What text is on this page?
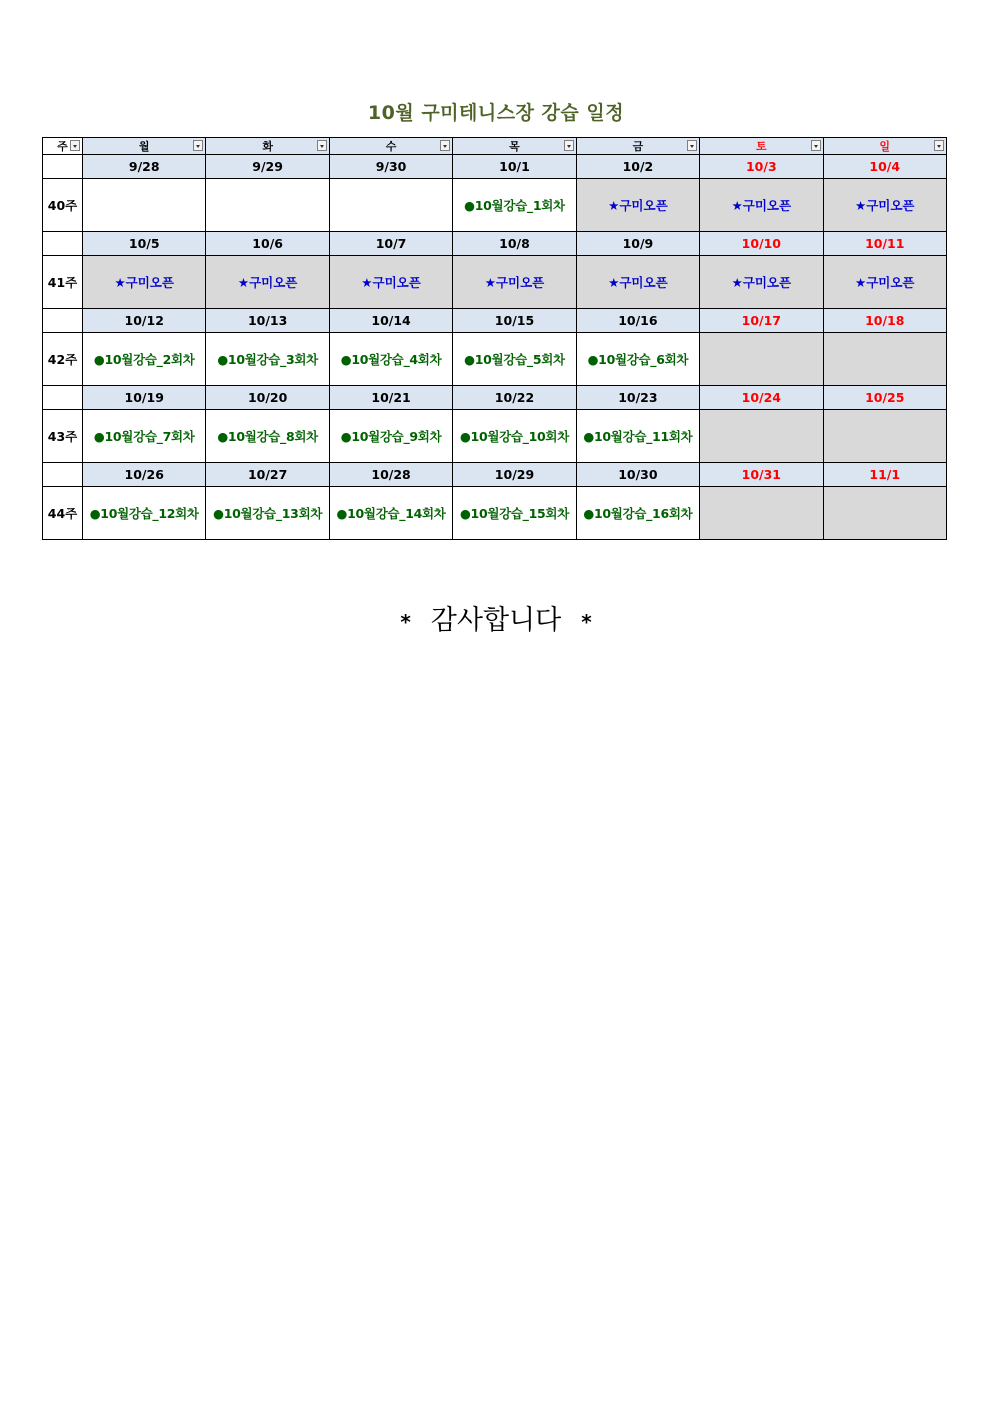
10월 구미테니스장 강습 일정
주	월	화	수	목	금	토	일

	9/28	9/29	9/30	10/1	10/2	10/3	10/4
40주				●10월강습_1회차	★구미오픈	★구미오픈	★구미오픈
	10/5	10/6	10/7	10/8	10/9	10/10	10/11
41주	★구미오픈	★구미오픈	★구미오픈	★구미오픈	★구미오픈	★구미오픈	★구미오픈
	10/12	10/13	10/14	10/15	10/16	10/17	10/18
42주	●10월강습_2회차	●10월강습_3회차	●10월강습_4회차	●10월강습_5회차	●10월강습_6회차		
	10/19	10/20	10/21	10/22	10/23	10/24	10/25
43주	●10월강습_7회차	●10월강습_8회차	●10월강습_9회차	●10월강습_10회차	●10월강습_11회차		
	10/26	10/27	10/28	10/29	10/30	10/31	11/1
44주	●10월강습_12회차	●10월강습_13회차	●10월강습_14회차	●10월강습_15회차	●10월강습_16회차		
* 감사합니다 *
